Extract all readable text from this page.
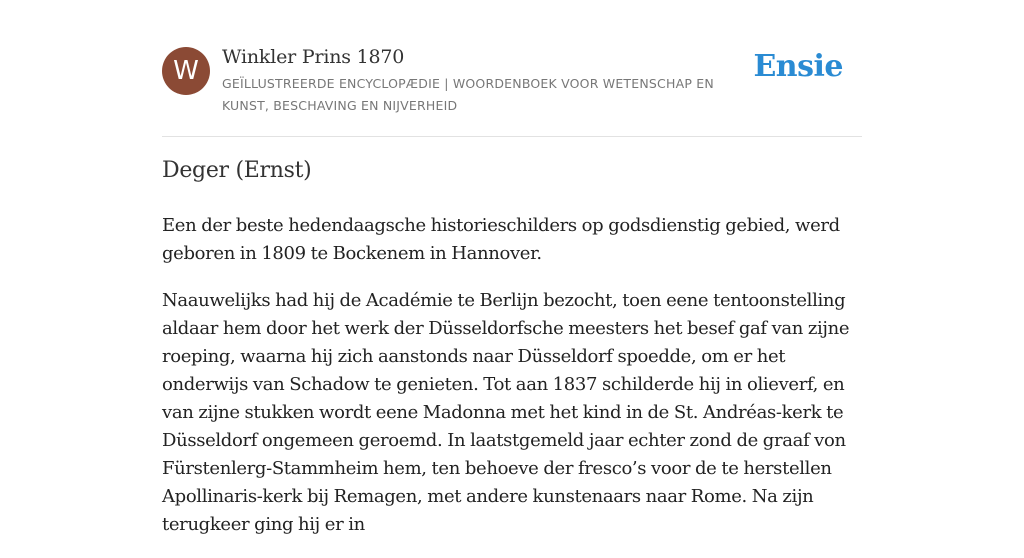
W	Winkler Prins 1870
GEÏLLUSTREERDE ENCYCLOPÆDIE | WOORDENBOEK VOOR WETENSCHAP EN KUNST, BESCHAVING EN NIJVERHEID
Ensie
Deger (Ernst)

Een der beste hedendaagsche historieschilders op godsdienstig gebied, werd geboren in 1809 te Bockenem in Hannover.

Naauwelijks had hij de Académie te Berlijn bezocht, toen eene tentoonstelling aldaar hem door het werk der Düsseldorfsche meesters het besef gaf van zijne roeping, waarna hij zich aanstonds naar Düsseldorf spoedde, om er het onderwijs van Schadow te genieten. Tot aan 1837 schilderde hij in olieverf, en van zijne stukken wordt eene Madonna met het kind in de St. Andréas-kerk te Düsseldorf ongemeen geroemd. In laatstgemeld jaar echter zond de graaf von Fürstenlerg-Stammheim hem, ten behoeve der fresco’s voor de te herstellen Apollinaris-kerk bij Remagen, met andere kunstenaars naar Rome. Na zijn terugkeer ging hij er in
